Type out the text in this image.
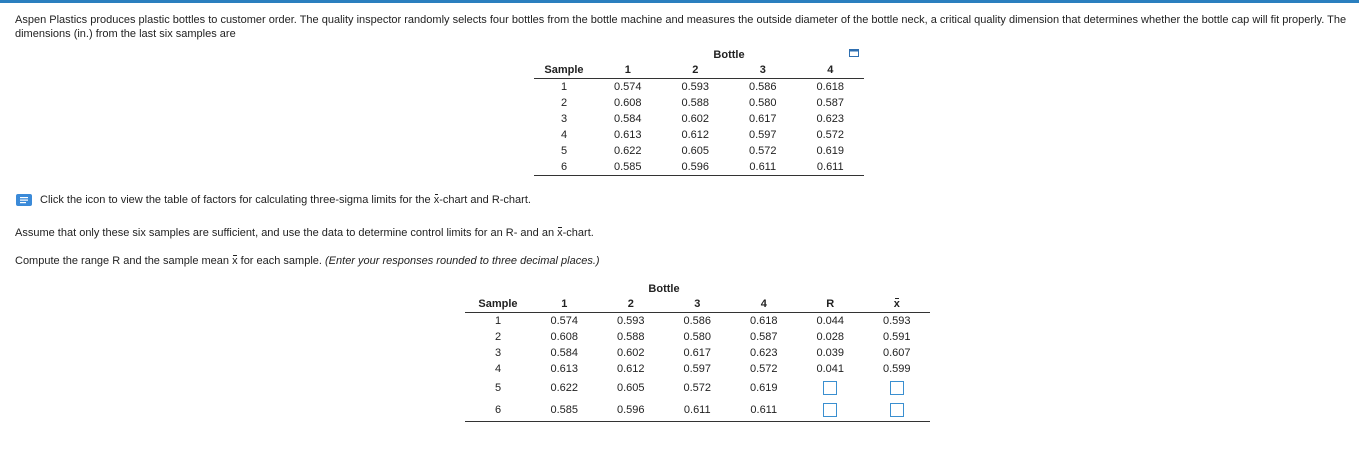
Aspen Plastics produces plastic bottles to customer order. The quality inspector randomly selects four bottles from the bottle machine and measures the outside diameter of the bottle neck, a critical quality dimension that determines whether the bottle cap will fit properly. The dimensions (in.) from the last six samples are
	Bottle			
Sample	1	2	3	4
1	0.574	0.593	0.586	0.618
2	0.608	0.588	0.580	0.587
3	0.584	0.602	0.617	0.623
4	0.613	0.612	0.597	0.572
5	0.622	0.605	0.572	0.619
6	0.585	0.596	0.611	0.611
Click the icon to view the table of factors for calculating three-sigma limits for the x-chart and R-chart.
Assume that only these six samples are sufficient, and use the data to determine control limits for an R- and an x-chart.
Compute the range R and the sample mean x for each sample. (Enter your responses rounded to three decimal places.)
	Bottle					
Sample	1	2	3	4	R	x
1	0.574	0.593	0.586	0.618	0.044	0.593
2	0.608	0.588	0.580	0.587	0.028	0.591
3	0.584	0.602	0.617	0.623	0.039	0.607
4	0.613	0.612	0.597	0.572	0.041	0.599
5	0.622	0.605	0.572	0.619		
6	0.585	0.596	0.611	0.611		
